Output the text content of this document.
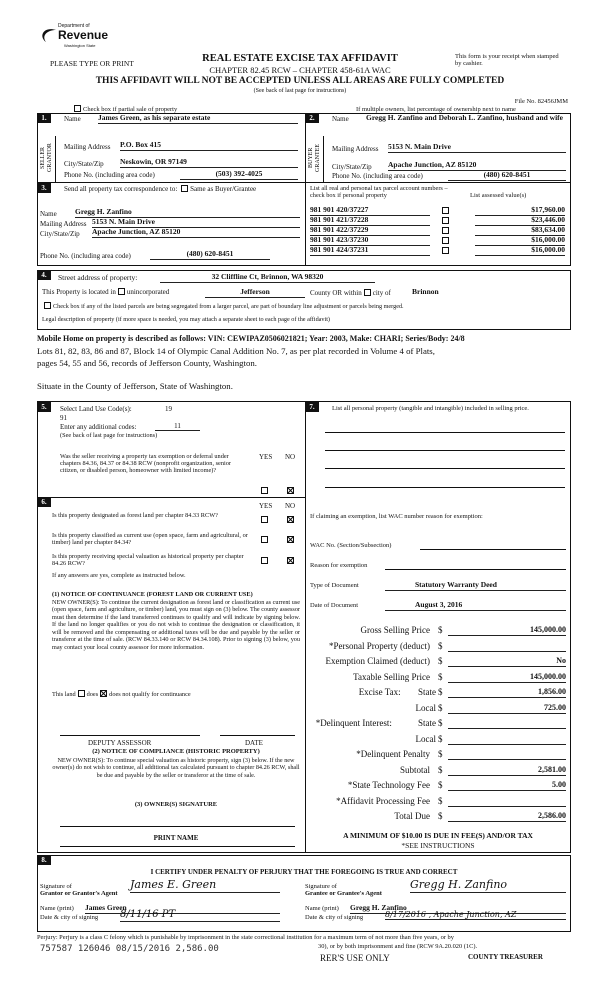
Department of
Revenue
Washington State
PLEASE TYPE OR PRINT	REAL ESTATE EXCISE TAX AFFIDAVIT
CHAPTER 82.45 RCW – CHAPTER 458-61A WAC
THIS AFFIDAVIT WILL NOT BE ACCEPTED UNLESS ALL AREAS ARE FULLY COMPLETED
(See back of last page for instructions)
This form is your receipt when stamped by cashier.
File No. 82456JMM
Check box if partial sale of property	If multiple owners, list percentage of ownership next to name
1.	Name James Green, as his separate estate
SELLER GRANTOR Mailing Address P.O. Box 415
City/State/Zip Neskowin, OR 97149
Phone No. (including area code)	(503) 392-4025
2.	Name Gregg H. Zanfino and Deborah L. Zanfino, husband and wife
BUYER GRANTEE Mailing Address 5153 N. Main Drive
City/State/Zip Apache Junction, AZ 85120
Phone No. (including area code)	(480) 620-8451
3.	Send all property tax correspondence to: Same as Buyer/Grantee
Name Gregg H. Zanfino
Mailing Address 5153 N. Main Drive
City/State/Zip Apache Junction, AZ 85120
Phone No. (including area code)	(480) 620-8451
List all real and personal tax parcel account numbers – check box if personal property	List assessed value(s)
981 901 420/37227	$17,960.00
981 901 421/37228	$23,446.00
981 901 422/37229	$83,634.00
981 901 423/37230	$16,000.00
981 901 424/37231	$16,000.00
4.	Street address of property:	32 Cliffline Ct, Brinnon, WA 98320
This Property is located in unincorporated	Jefferson	County OR within city of	Brinnon
Check box if any of the listed parcels are being segregated from a larger parcel, are part of boundary line adjustment or parcels being merged.
Legal description of property (if more space is needed, you may attach a separate sheet to each page of the affidavit)
Mobile Home on property is described as follows: VIN: CEWIPAZ0506021821; Year: 2003, Make: CHARI; Series/Body: 24/8
Lots 81, 82, 83, 86 and 87, Block 14 of Olympic Canal Addition No. 7, as per plat recorded in Volume 4 of Plats,
pages 54, 55 and 56, records of Jefferson County, Washington.
Situate in the County of Jefferson, State of Washington.
5.	Select Land Use Code(s):	19
91
Enter any additional codes:	11
(See back of last page for instructions)
Was the seller receiving a property tax exemption or deferral under chapters 84.36, 84.37 or 84.38 RCW (nonprofit organization, senior citizen, or disabled person, homeowner with limited income)?
YES NO
6.	YES NO
Is this property designated as forest land per chapter 84.33 RCW?
Is this property classified as current use (open space, farm and agricultural, or timber) land per chapter 84.34?
Is this property receiving special valuation as historical property per chapter 84.26 RCW?
If any answers are yes, complete as instructed below.
(1) NOTICE OF CONTINUANCE (FOREST LAND OR CURRENT USE)
NEW OWNER(S): To continue the current designation as forest land or classification as current use (open space, farm and agriculture, or timber) land, you must sign on (3) below. The county assessor must then determine if the land transferred continues to qualify and will indicate by signing below. If the land no longer qualifies or you do not wish to continue the designation or classification, it will be removed and the compensating or additional taxes will be due and payable by the seller or transferor at the time of sale. (RCW 84.33.140 or RCW 84.34.108). Prior to signing (3) below, you may contact your local county assessor for more information.
This land does does not qualify for continuance
DEPUTY ASSESSOR	DATE
(2) NOTICE OF COMPLIANCE (HISTORIC PROPERTY)
NEW OWNER(S): To continue special valuation as historic property, sign (3) below. If the new owner(s) do not wish to continue, all additional tax calculated pursuant to chapter 84.26 RCW, shall be due and payable by the seller or transferor at the time of sale.
(3) OWNER(S) SIGNATURE
PRINT NAME
7.	List all personal property (tangible and intangible) included in selling price.
If claiming an exemption, list WAC number reason for exemption:
WAC No. (Section/Subsection)
Reason for exemption
Type of Document	Statutory Warranty Deed
Date of Document	August 3, 2016
Gross Selling Price $	145,000.00
*Personal Property (deduct) $
Exemption Claimed (deduct) $	No
Taxable Selling Price $	145,000.00
Excise Tax:	State $	1,856.00
Local $	725.00
*Delinquent Interest:	State $
Local $
*Delinquent Penalty $
Subtotal $	2,581.00
*State Technology Fee $	5.00
*Affidavit Processing Fee $
Total Due $	2,586.00
A MINIMUM OF $10.00 IS DUE IN FEE(S) AND/OR TAX
*SEE INSTRUCTIONS
8.
I CERTIFY UNDER PENALTY OF PERJURY THAT THE FOREGOING IS TRUE AND CORRECT
Signature of
Grantor or Grantor's Agent
James E. Green
Name (print) James Green
Date & city of signing 8/11/16 PT
Signature of
Grantee or Grantee's Agent
Gregg H. Zanfino
Name (print) Gregg H. Zanfino
Date & city of signing	8/17/2016 , Apache Junction, AZ
Perjury: Perjury is a class C felony which is punishable by imprisonment in the state correctional institution for a maximum term of not more than five years, or by
30), or by both imprisonment and fine (RCW 9A.20.020 (1C).
757587 126046 08/15/2016 2,586.00
RER'S USE ONLY	COUNTY TREASURER
